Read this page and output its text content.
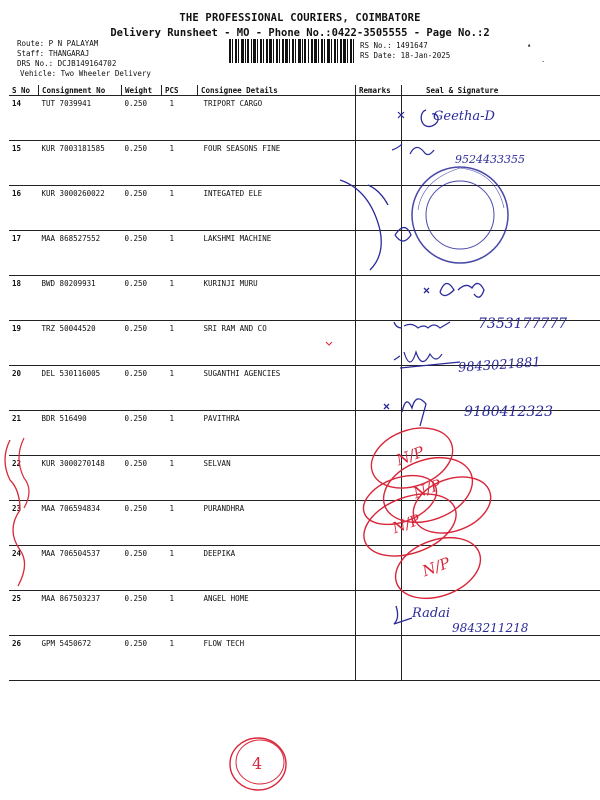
THE PROFESSIONAL COURIERS, COIMBATORE
Delivery Runsheet - MO - Phone No.:0422-3505555 - Page No.:2
Route: P N PALAYAM
Staff: THANGARAJ
DRS No.: DCJB149164702
Vehicle: Two Wheeler Delivery
RS No.: 1491647
RS Date: 18-Jan-2025
▴
·
S No	Consignment No	Weight	PCS	Consignee Details	Remarks	Seal & Signature
14	TUT 7039941	0.250	1	TRIPORT CARGO		
15	KUR 7003181585	0.250	1	FOUR SEASONS FINE		
16	KUR 3000260022	0.250	1	INTEGATED ELE		
17	MAA 868527552	0.250	1	LAKSHMI MACHINE		
18	BWD 80209931	0.250	1	KURINJI MURU		
19	TRZ 50044520	0.250	1	SRI RAM AND CO		
20	DEL 530116005	0.250	1	SUGANTHI AGENCIES		
21	BDR 516490	0.250	1	PAVITHRA		
22	KUR 3000270148	0.250	1	SELVAN		
23	MAA 706594834	0.250	1	PURANDHRA		
24	MAA 706504537	0.250	1	DEEPIKA		
25	MAA 867503237	0.250	1	ANGEL HOME		
26	GPM 5450672	0.250	1	FLOW TECH		
Geetha-D
9524433355
7353177777
9843021881
9180412323
Radai
9843211218
N/P
N/P
N/P
N/P
4
